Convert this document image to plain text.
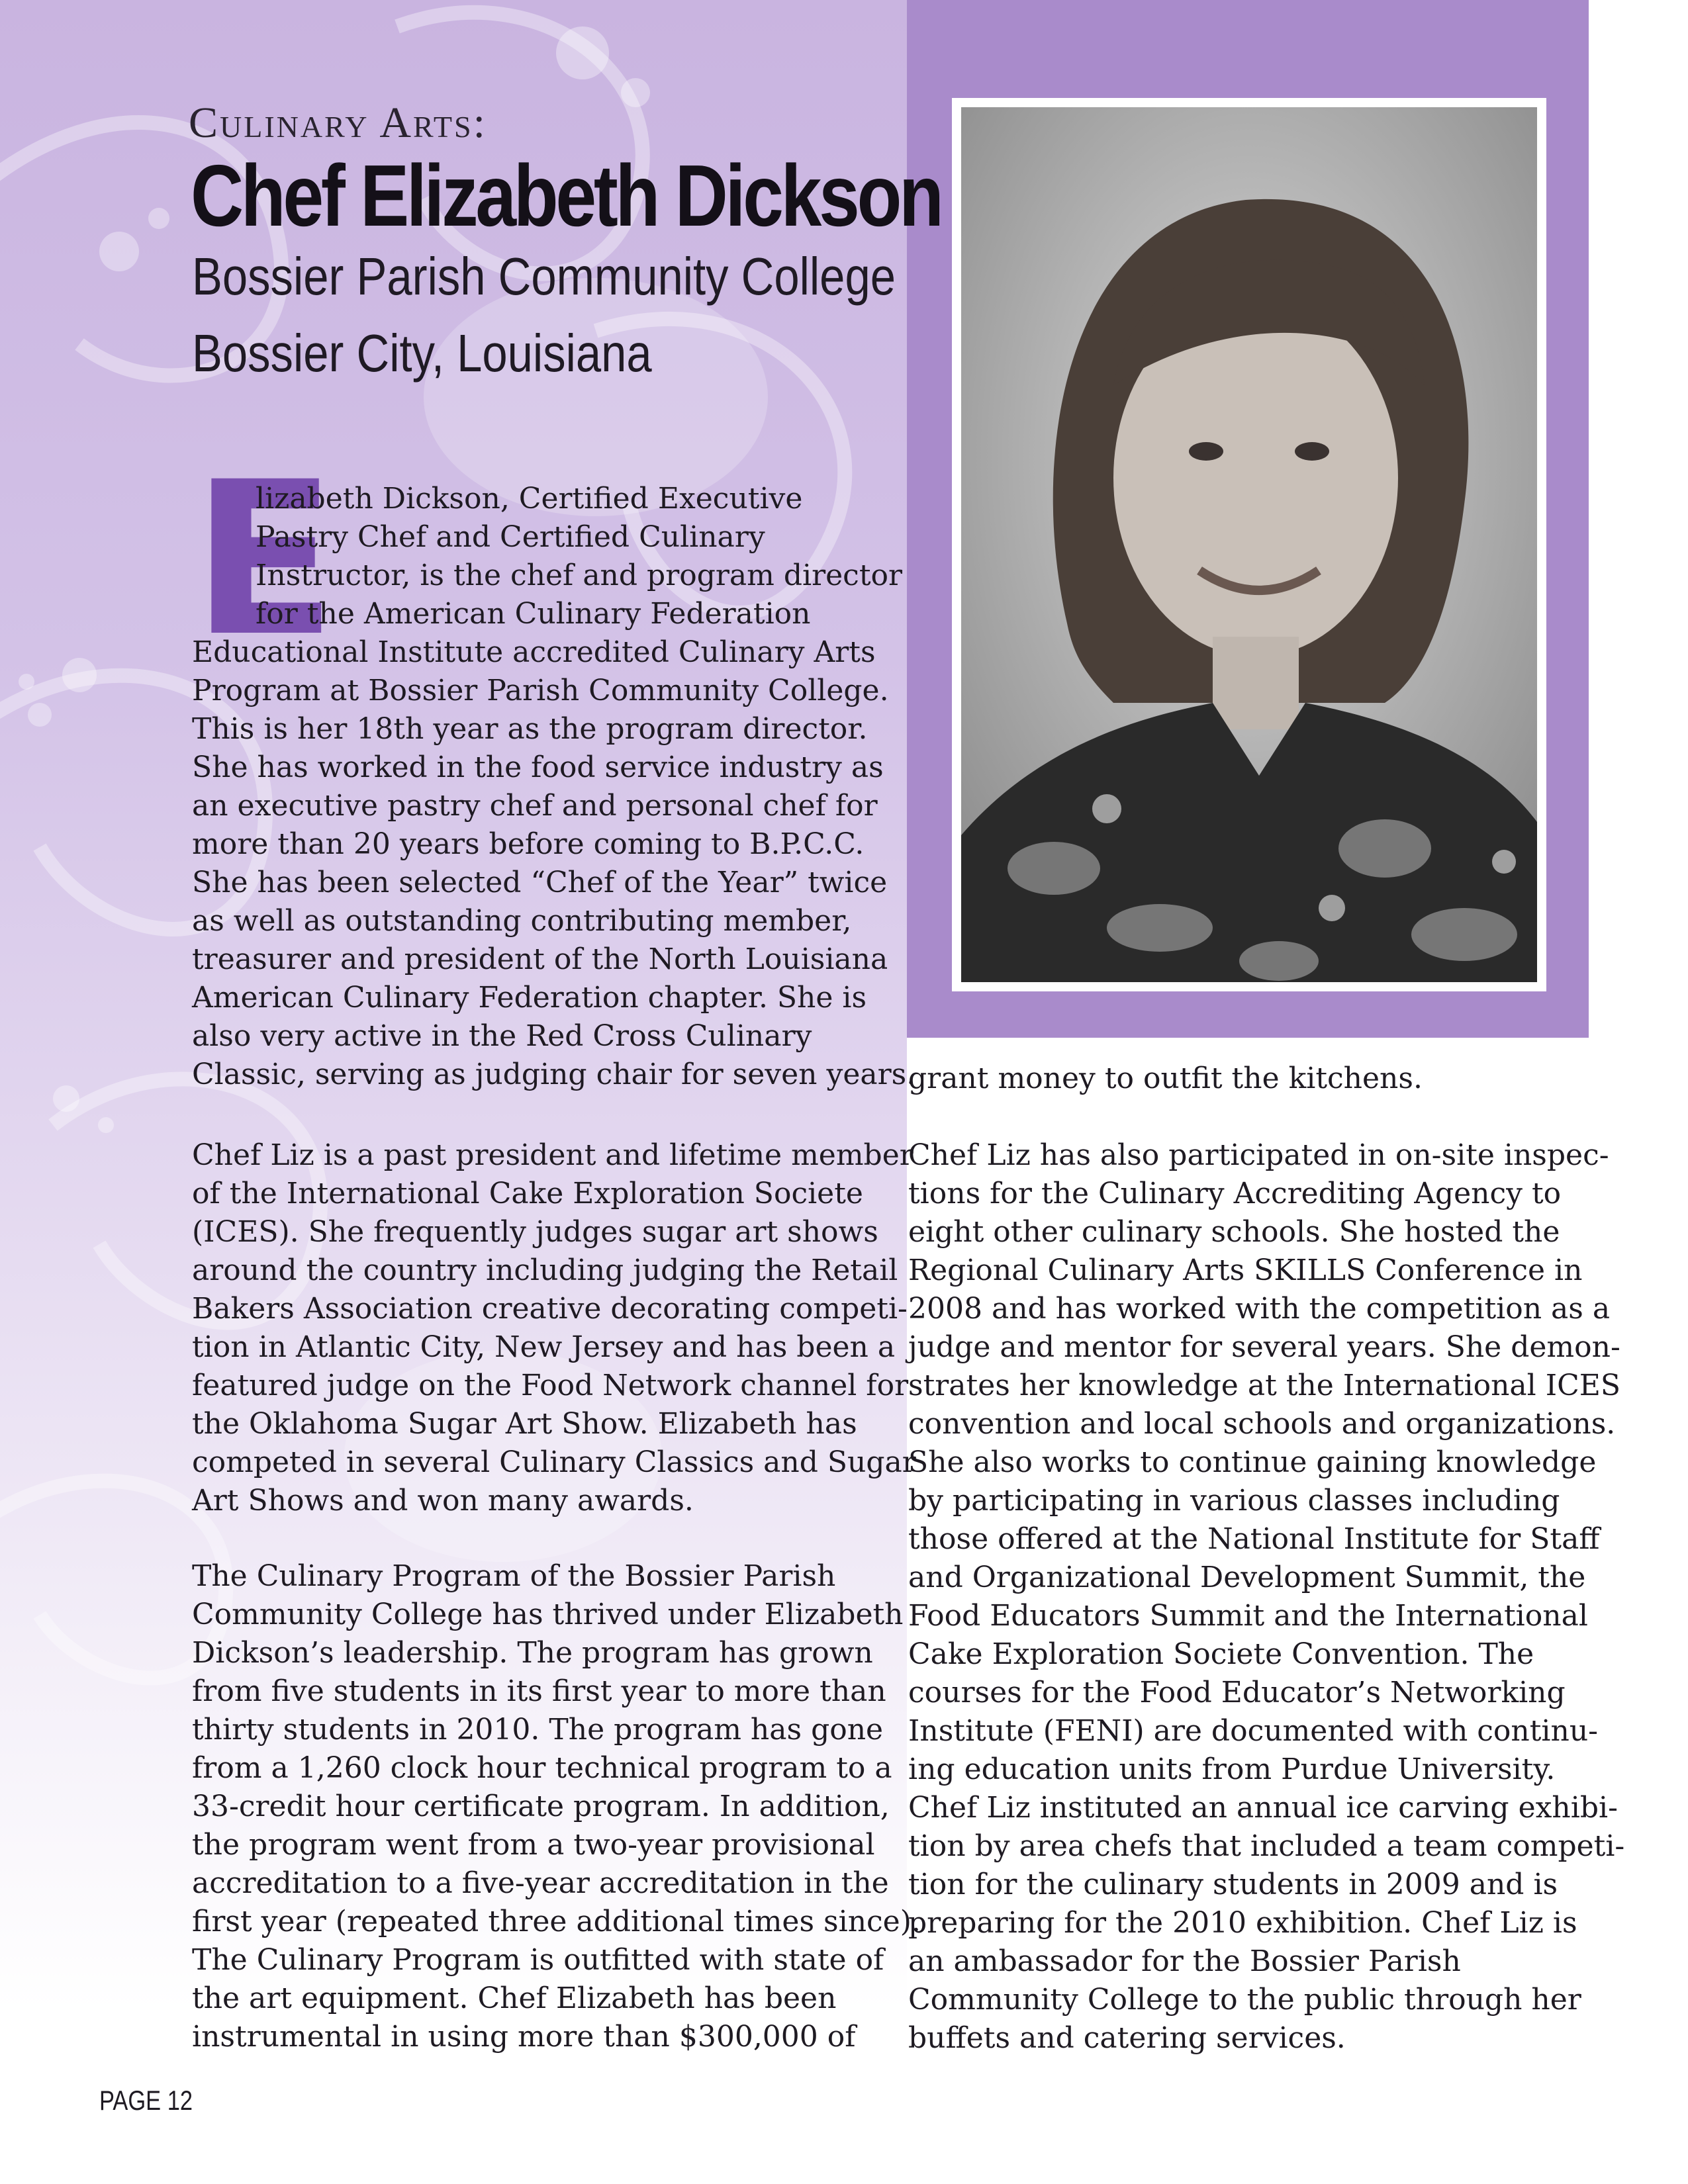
Culinary Arts:
Chef Elizabeth Dickson
Bossier Parish Community College
Bossier City, Louisiana
E

lizabeth Dickson, Certified Executive
Pastry Chef and Certified Culinary
Instructor, is the chef and program director
for the American Culinary Federation
Educational Institute accredited Culinary Arts
Program at Bossier Parish Community College.
This is her 18th year as the program director.
She has worked in the food service industry as
an executive pastry chef and personal chef for
more than 20 years before coming to B.P.C.C.
She has been selected “Chef of the Year” twice
as well as outstanding contributing member,
treasurer and president of the North Louisiana
American Culinary Federation chapter. She is
also very active in the Red Cross Culinary
Classic, serving as judging chair for seven years.

Chef Liz is a past president and lifetime member
of the International Cake Exploration Societe
(ICES). She frequently judges sugar art shows
around the country including judging the Retail
Bakers Association creative decorating competi-
tion in Atlantic City, New Jersey and has been a
featured judge on the Food Network channel for
the Oklahoma Sugar Art Show. Elizabeth has
competed in several Culinary Classics and Sugar
Art Shows and won many awards.

The Culinary Program of the Bossier Parish
Community College has thrived under Elizabeth
Dickson’s leadership. The program has grown
from five students in its first year to more than
thirty students in 2010. The program has gone
from a 1,260 clock hour technical program to a
33-credit hour certificate program. In addition,
the program went from a two-year provisional
accreditation to a five-year accreditation in the
first year (repeated three additional times since).
The Culinary Program is outfitted with state of
the art equipment. Chef Elizabeth has been
instrumental in using more than $300,000 of

grant money to outfit the kitchens.

Chef Liz has also participated in on-site inspec-
tions for the Culinary Accrediting Agency to
eight other culinary schools. She hosted the
Regional Culinary Arts SKILLS Conference in
2008 and has worked with the competition as a
judge and mentor for several years. She demon-
strates her knowledge at the International ICES
convention and local schools and organizations.
She also works to continue gaining knowledge
by participating in various classes including
those offered at the National Institute for Staff
and Organizational Development Summit, the
Food Educators Summit and the International
Cake Exploration Societe Convention. The
courses for the Food Educator’s Networking
Institute (FENI) are documented with continu-
ing education units from Purdue University.
Chef Liz instituted an annual ice carving exhibi-
tion by area chefs that included a team competi-
tion for the culinary students in 2009 and is
preparing for the 2010 exhibition. Chef Liz is
an ambassador for the Bossier Parish
Community College to the public through her
buffets and catering services.

PAGE 12
